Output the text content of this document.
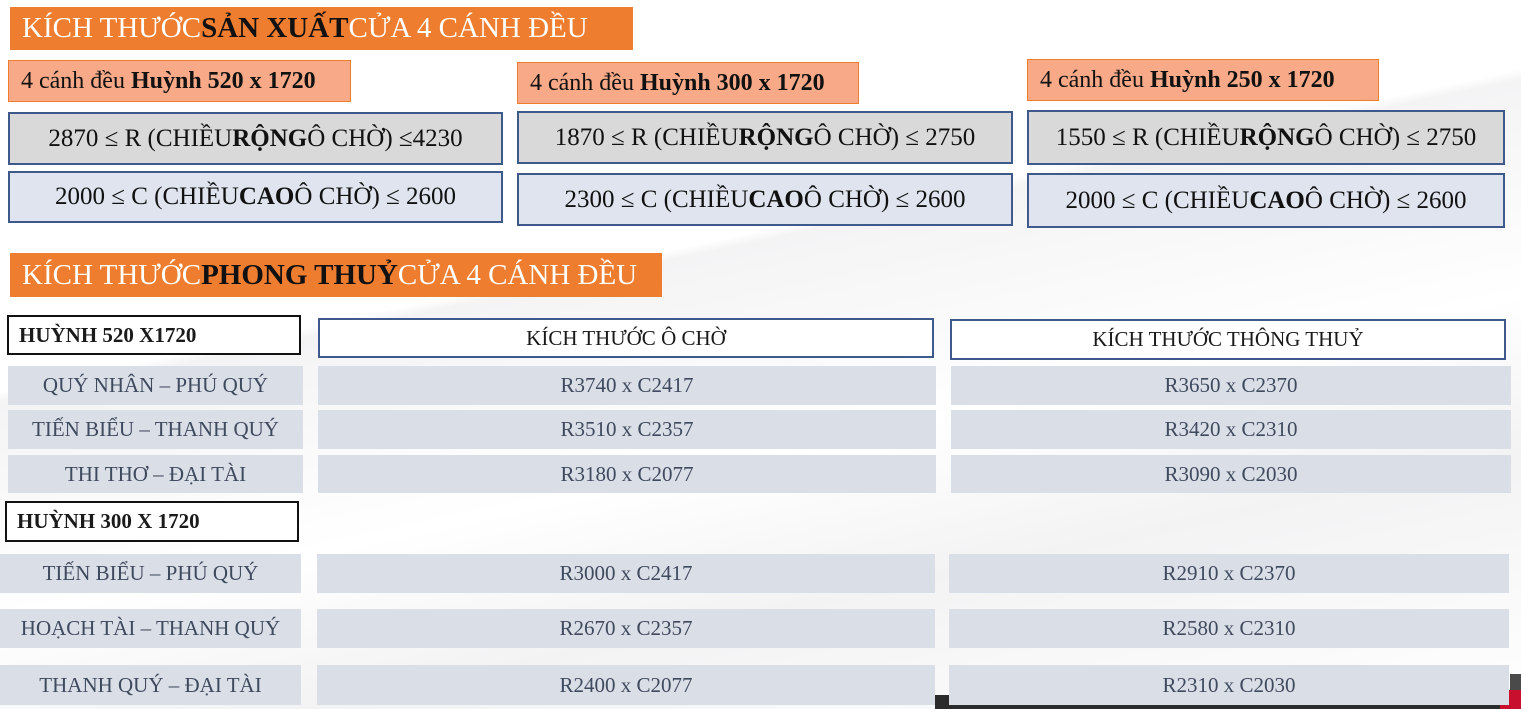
KÍCH THƯỚC SẢN XUẤT CỬA 4 CÁNH ĐỀU
4 cánh đều
Huỳnh 520 x 1720
2870 ≤ R (CHIỀU RỘNG Ô CHỜ) ≤4230
2000 ≤ C (CHIỀU CAO Ô CHỜ) ≤ 2600
4 cánh đều
Huỳnh 300 x 1720
1870 ≤ R (CHIỀU RỘNG Ô CHỜ) ≤ 2750
2300 ≤ C (CHIỀU CAO Ô CHỜ) ≤ 2600
4 cánh đều
Huỳnh 250 x 1720
1550 ≤ R (CHIỀU RỘNG Ô CHỜ) ≤ 2750
2000 ≤ C (CHIỀU CAO Ô CHỜ) ≤ 2600
KÍCH THƯỚC PHONG THUỶ CỬA 4 CÁNH ĐỀU
HUỲNH 520 X1720	KÍCH THƯỚC Ô CHỜ	KÍCH THƯỚC THÔNG THUỶ
QUÝ NHÂN – PHÚ QUÝ	R3740 x C2417	R3650 x C2370
TIẾN BIỂU – THANH QUÝ	R3510 x C2357	R3420 x C2310
THI THƠ – ĐẠI TÀI	R3180 x C2077	R3090 x C2030
HUỲNH 300 X 1720
TIẾN BIỂU – PHÚ QUÝ	R3000 x C2417	R2910 x C2370
HOẠCH TÀI – THANH QUÝ	R2670 x C2357	R2580 x C2310
THANH QUÝ – ĐẠI TÀI	R2400 x C2077	R2310 x C2030
